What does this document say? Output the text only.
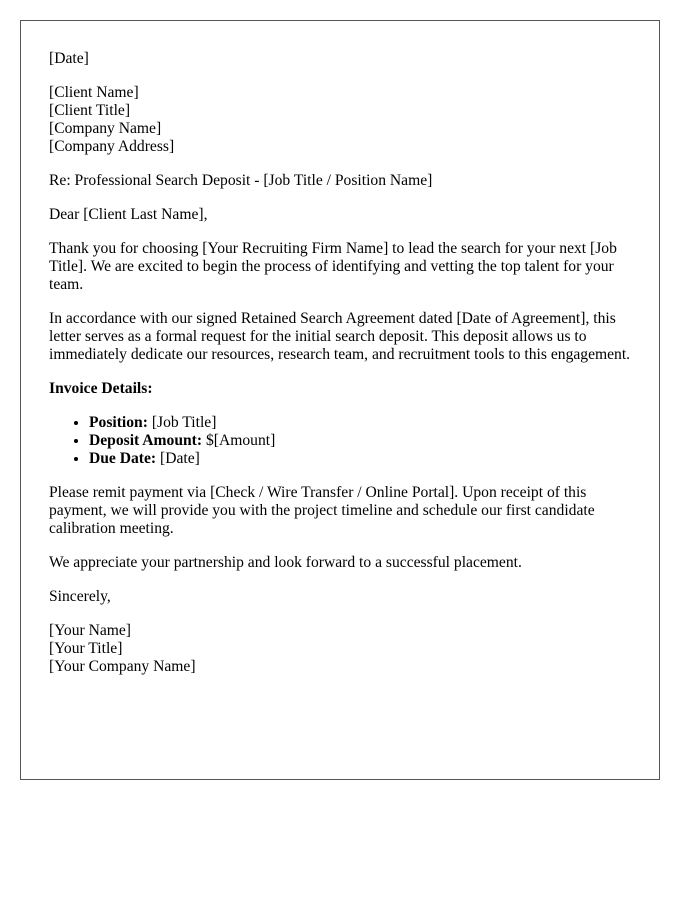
[Date]
[Client Name]
[Client Title]
[Company Name]
[Company Address]

Re: Professional Search Deposit - [Job Title / Position Name]

Dear [Client Last Name],

Thank you for choosing [Your Recruiting Firm Name] to lead the search for your next [Job Title]. We are excited to begin the process of identifying and vetting the top talent for your team.

In accordance with our signed Retained Search Agreement dated [Date of Agreement], this letter serves as a formal request for the initial search deposit. This deposit allows us to immediately dedicate our resources, research team, and recruitment tools to this engagement.

Invoice Details:

• Position: [Job Title]
• Deposit Amount: $[Amount]
• Due Date: [Date]

Please remit payment via [Check / Wire Transfer / Online Portal]. Upon receipt of this payment, we will provide you with the project timeline and schedule our first candidate calibration meeting.

We appreciate your partnership and look forward to a successful placement.

Sincerely,

[Your Name]
[Your Title]
[Your Company Name]
